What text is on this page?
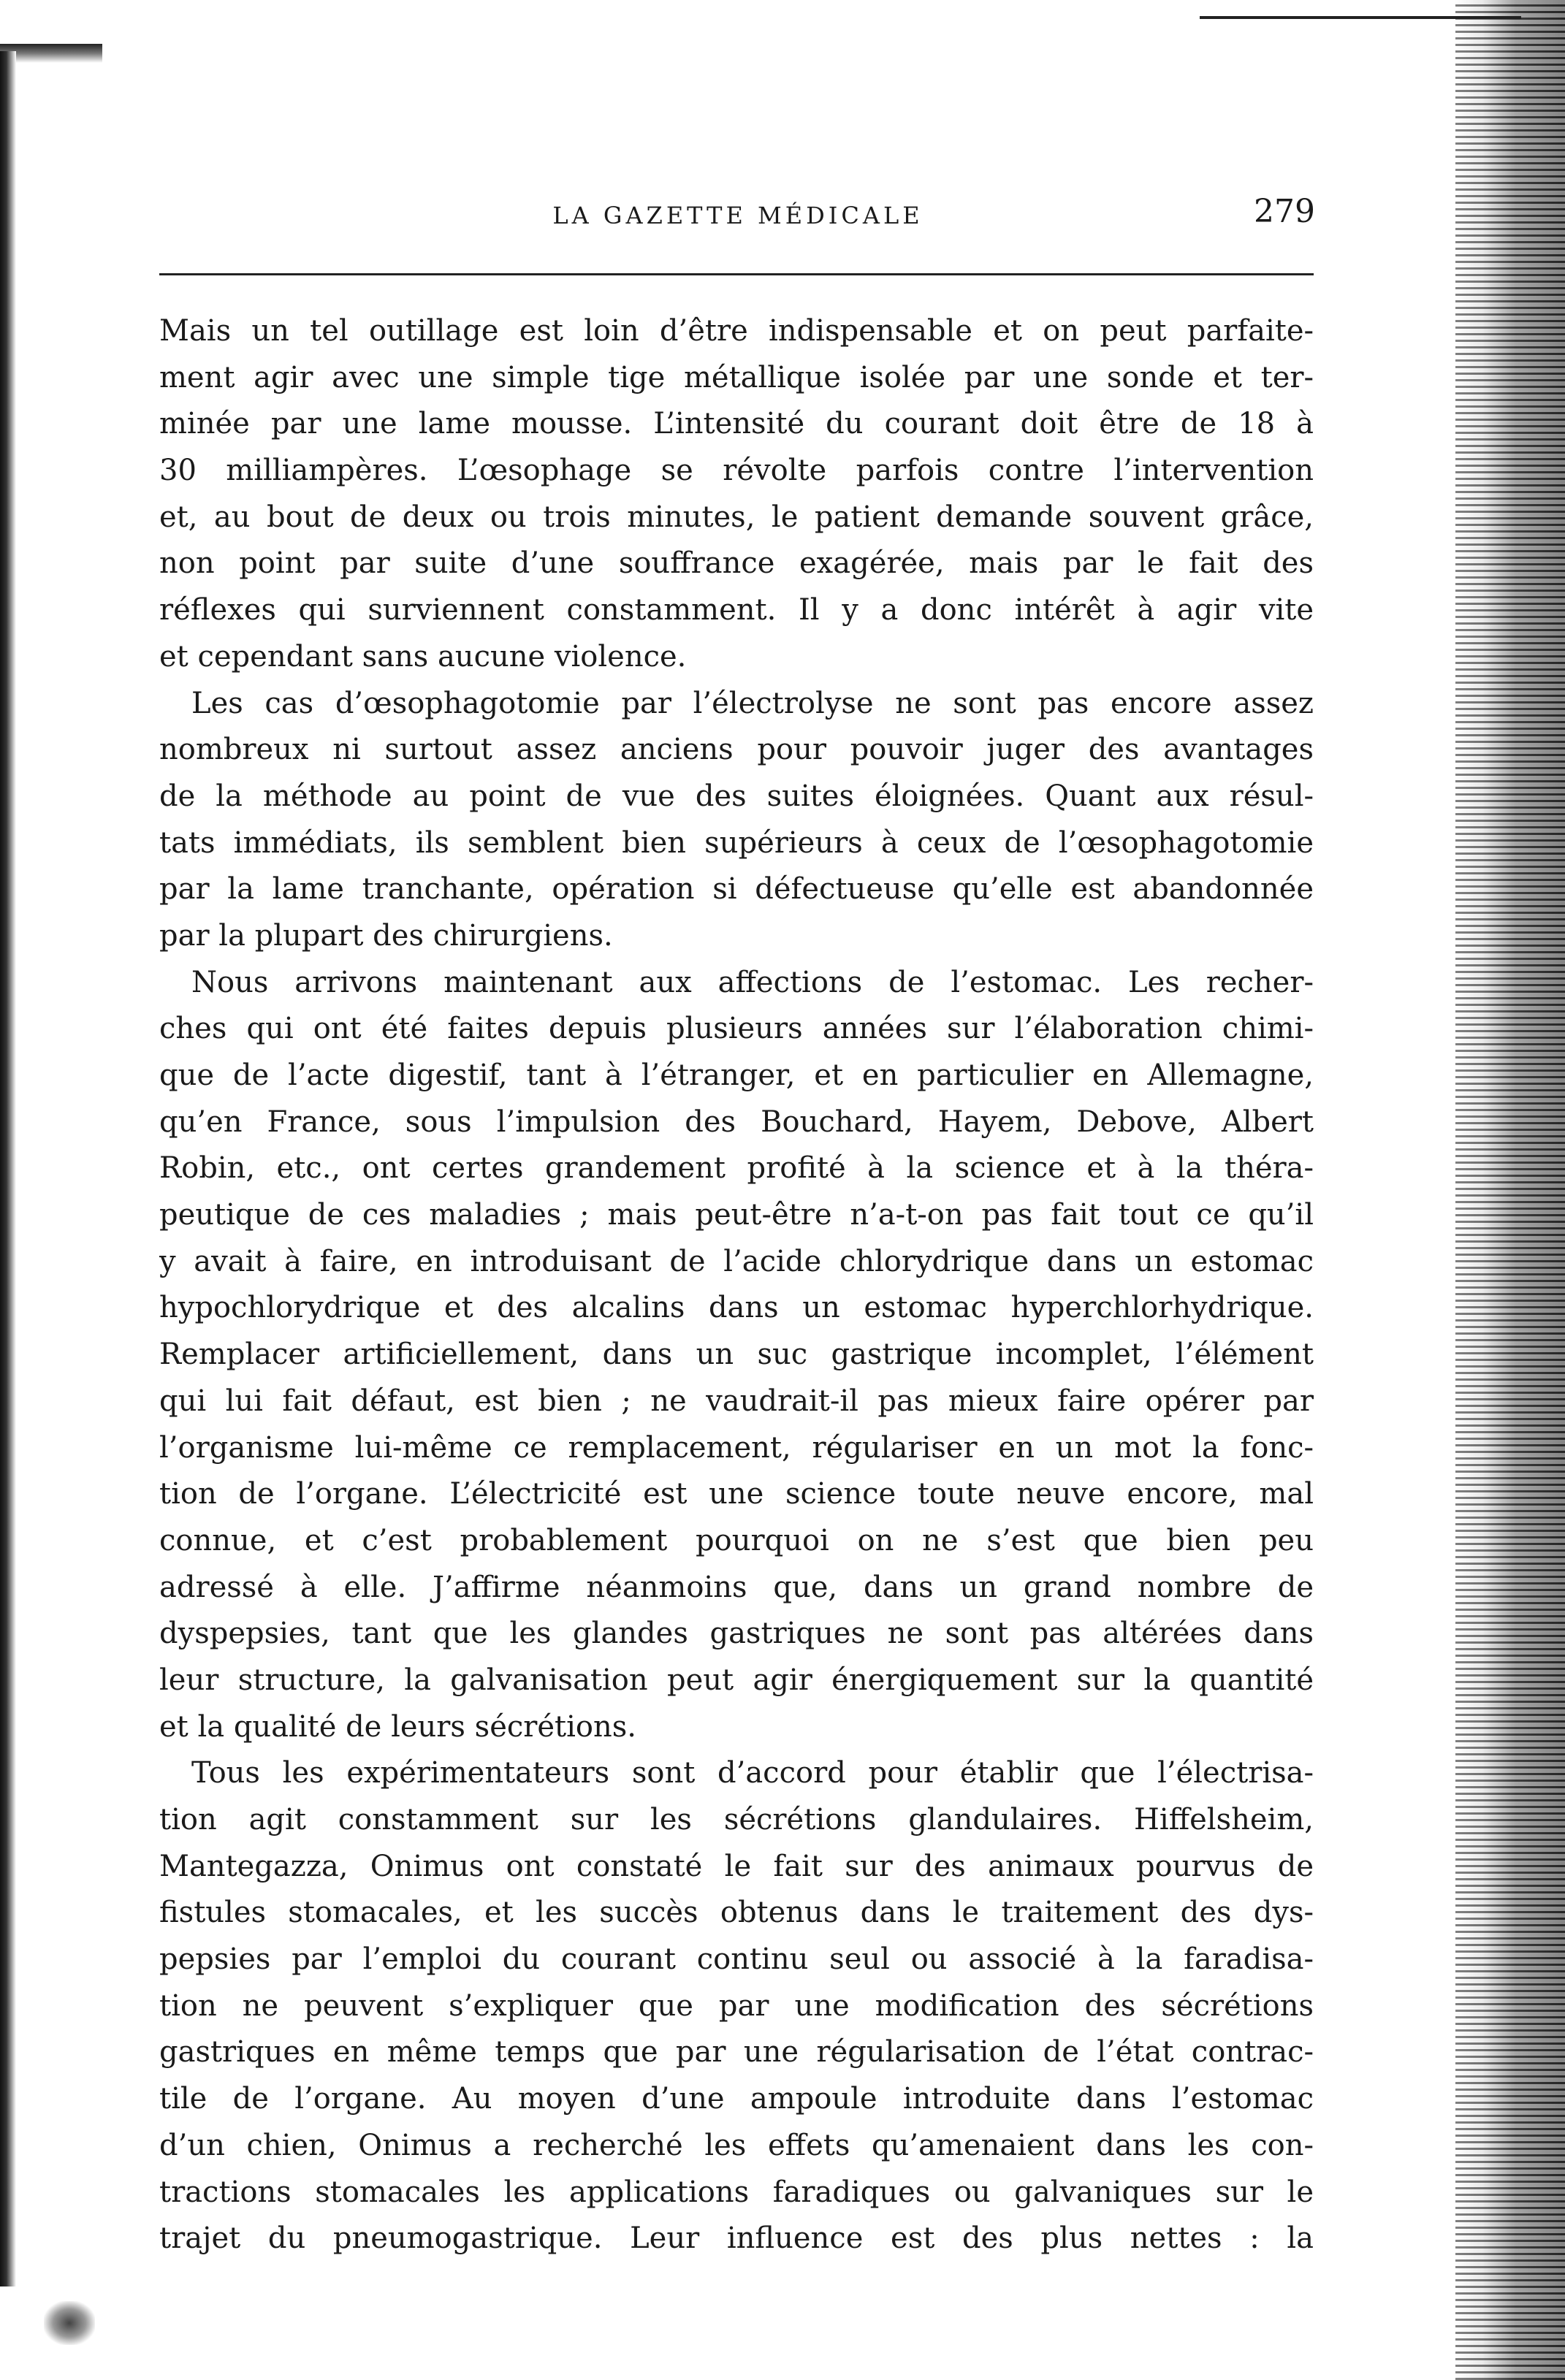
LA GAZETTE MÉDICALE	279
Mais un tel outillage est loin d’être indispensable et on peut parfaite-
ment agir avec une simple tige métallique isolée par une sonde et ter-
minée par une lame mousse. L’intensité du courant doit être de 18 à
30 milliampères. L’œsophage se révolte parfois contre l’intervention
et, au bout de deux ou trois minutes, le patient demande souvent grâce,
non point par suite d’une souffrance exagérée, mais par le fait des
réflexes qui surviennent constamment. Il y a donc intérêt à agir vite
et cependant sans aucune violence.
Les cas d’œsophagotomie par l’électrolyse ne sont pas encore assez
nombreux ni surtout assez anciens pour pouvoir juger des avantages
de la méthode au point de vue des suites éloignées. Quant aux résul-
tats immédiats, ils semblent bien supérieurs à ceux de l’œsophagotomie
par la lame tranchante, opération si défectueuse qu’elle est abandonnée
par la plupart des chirurgiens.
Nous arrivons maintenant aux affections de l’estomac. Les recher-
ches qui ont été faites depuis plusieurs années sur l’élaboration chimi-
que de l’acte digestif, tant à l’étranger, et en particulier en Allemagne,
qu’en France, sous l’impulsion des Bouchard, Hayem, Debove, Albert
Robin, etc., ont certes grandement profité à la science et à la théra-
peutique de ces maladies ; mais peut-être n’a-t-on pas fait tout ce qu’il
y avait à faire, en introduisant de l’acide chlorydrique dans un estomac
hypochlorydrique et des alcalins dans un estomac hyperchlorhydrique.
Remplacer artificiellement, dans un suc gastrique incomplet, l’élément
qui lui fait défaut, est bien ; ne vaudrait-il pas mieux faire opérer par
l’organisme lui-même ce remplacement, régulariser en un mot la fonc-
tion de l’organe. L’électricité est une science toute neuve encore, mal
connue, et c’est probablement pourquoi on ne s’est que bien peu
adressé à elle. J’affirme néanmoins que, dans un grand nombre de
dyspepsies, tant que les glandes gastriques ne sont pas altérées dans
leur structure, la galvanisation peut agir énergiquement sur la quantité
et la qualité de leurs sécrétions.
Tous les expérimentateurs sont d’accord pour établir que l’électrisa-
tion agit constamment sur les sécrétions glandulaires. Hiffelsheim,
Mantegazza, Onimus ont constaté le fait sur des animaux pourvus de
fistules stomacales, et les succès obtenus dans le traitement des dys-
pepsies par l’emploi du courant continu seul ou associé à la faradisa-
tion ne peuvent s’expliquer que par une modification des sécrétions
gastriques en même temps que par une régularisation de l’état contrac-
tile de l’organe. Au moyen d’une ampoule introduite dans l’estomac
d’un chien, Onimus a recherché les effets qu’amenaient dans les con-
tractions stomacales les applications faradiques ou galvaniques sur le
trajet du pneumogastrique. Leur influence est des plus nettes : la
